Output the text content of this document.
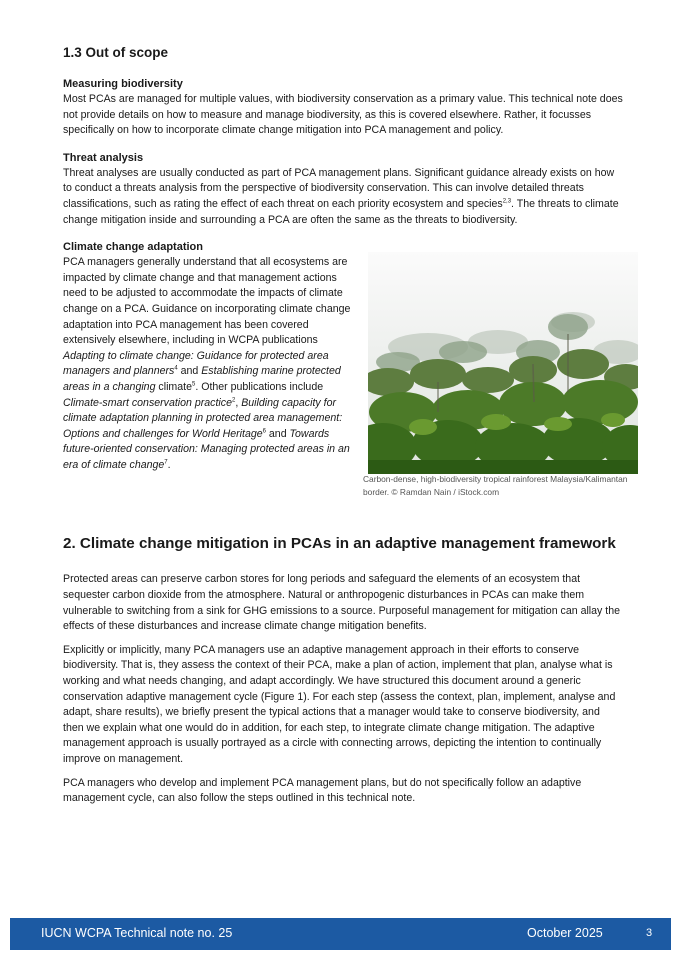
1.3 Out of scope
Measuring biodiversity

Most PCAs are managed for multiple values, with biodiversity conservation as a primary value. This technical note does not provide details on how to measure and manage biodiversity, as this is covered elsewhere. Rather, it focusses specifically on how to incorporate climate change mitigation into PCA management and policy.

Threat analysis

Threat analyses are usually conducted as part of PCA management plans. Significant guidance already exists on how to conduct a threats analysis from the perspective of biodiversity conservation. This can involve detailed threats classifications, such as rating the effect of each threat on each priority ecosystem and species$^{2,3}$. The threats to climate change mitigation inside and surrounding a PCA are often the same as the threats to biodiversity.

Climate change adaptation
PCA managers generally understand that all ecosystems are impacted by climate change and that management actions need to be adjusted to accommodate the impacts of climate change on a PCA. Guidance on incorporating climate change adaptation into PCA management has been covered extensively elsewhere, including in WCPA publications Adapting to climate change: Guidance for protected area managers and planners$^4$ and Establishing marine protected areas in a changing climate$^5$. Other publications include Climate-smart conservation practice$^2$, Building capacity for climate adaptation planning in protected area management: Options and challenges for World Heritage$^6$ and Towards future-oriented conservation: Managing protected areas in an era of climate change$^7$.
Carbon-dense, high-biodiversity tropical rainforest Malaysia/Kalimantan border. © Ramdan Nain / iStock.com
2. Climate change mitigation in PCAs in an adaptive management framework

Protected areas can preserve carbon stores for long periods and safeguard the elements of an ecosystem that sequester carbon dioxide from the atmosphere. Natural or anthropogenic disturbances in PCAs can make them vulnerable to switching from a sink for GHG emissions to a source. Purposeful management for mitigation can allay the effects of these disturbances and increase climate change mitigation benefits.

Explicitly or implicitly, many PCA managers use an adaptive management approach in their efforts to conserve biodiversity. That is, they assess the context of their PCA, make a plan of action, implement that plan, analyse what is working and what needs changing, and adapt accordingly. We have structured this document around a generic conservation adaptive management cycle (Figure 1). For each step (assess the context, plan, implement, analyse and adapt, share results), we briefly present the typical actions that a manager would take to conserve biodiversity, and then we explain what one would do in addition, for each step, to integrate climate change mitigation. The adaptive management approach is usually portrayed as a circle with connecting arrows, depicting the intention to continually improve on management.

PCA managers who develop and implement PCA management plans, but do not specifically follow an adaptive management cycle, can also follow the steps outlined in this technical note.

IUCN WCPA Technical note no. 25	October 2025	3
